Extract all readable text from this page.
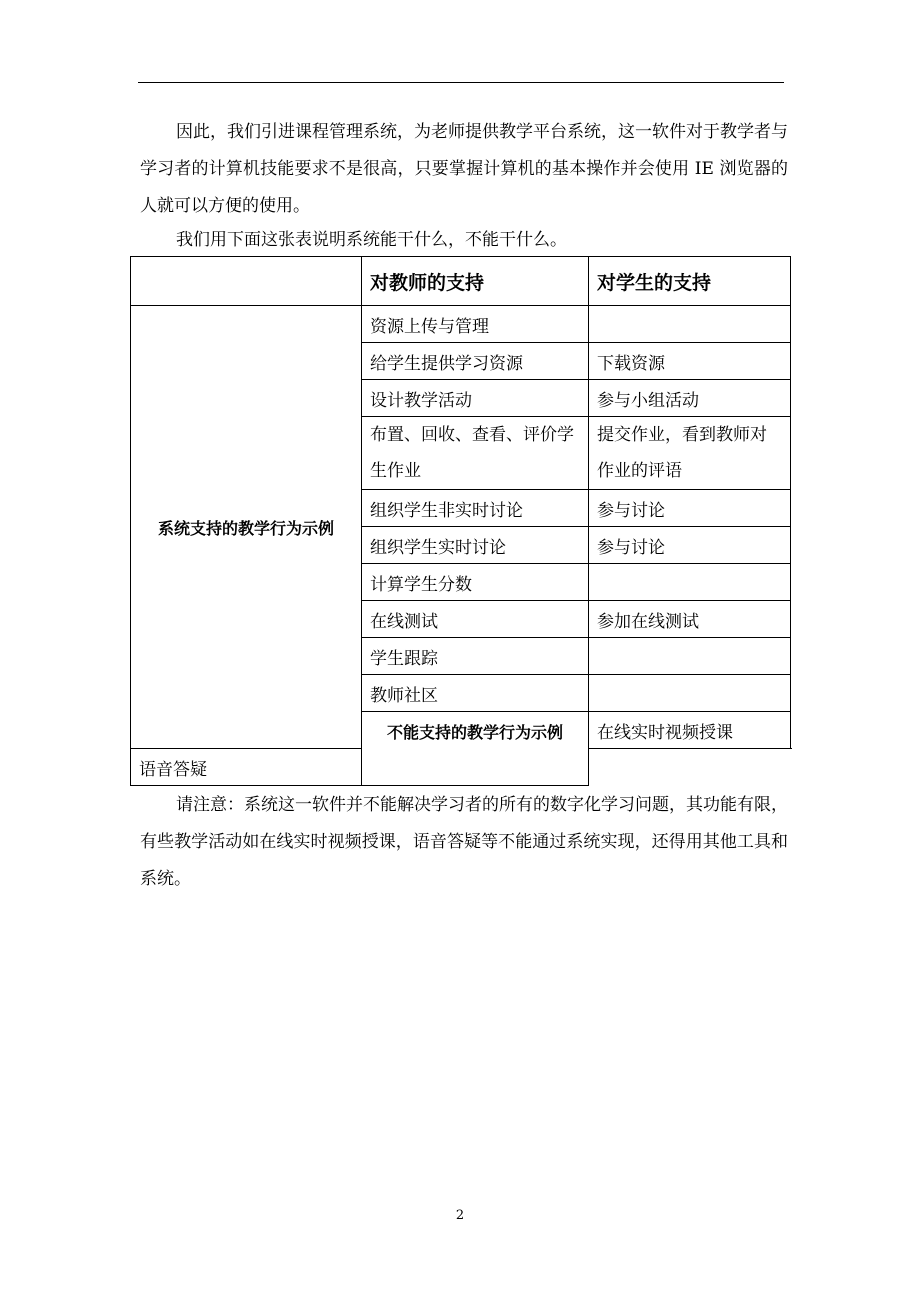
因此，我们引进课程管理系统，为老师提供教学平台系统，这一软件对于教学者与学习者的计算机技能要求不是很高，只要掌握计算机的基本操作并会使用 IE 浏览器的人就可以方便的使用。

我们用下面这张表说明系统能干什么，不能干什么。

	对教师的支持	对学生的支持
系统支持的教学行为示例	资源上传与管理	
	给学生提供学习资源	下载资源
	设计教学活动	参与小组活动
	布置、回收、查看、评价学生作业	提交作业，看到教师对作业的评语
	组织学生非实时讨论	参与讨论
	组织学生实时讨论	参与讨论
	计算学生分数	
	在线测试	参加在线测试
	学生跟踪	
	教师社区	
	不能支持的教学行为示例	在线实时视频授课
语音答疑		

请注意：系统这一软件并不能解决学习者的所有的数字化学习问题，其功能有限，有些教学活动如在线实时视频授课，语音答疑等不能通过系统实现，还得用其他工具和系统。

2
